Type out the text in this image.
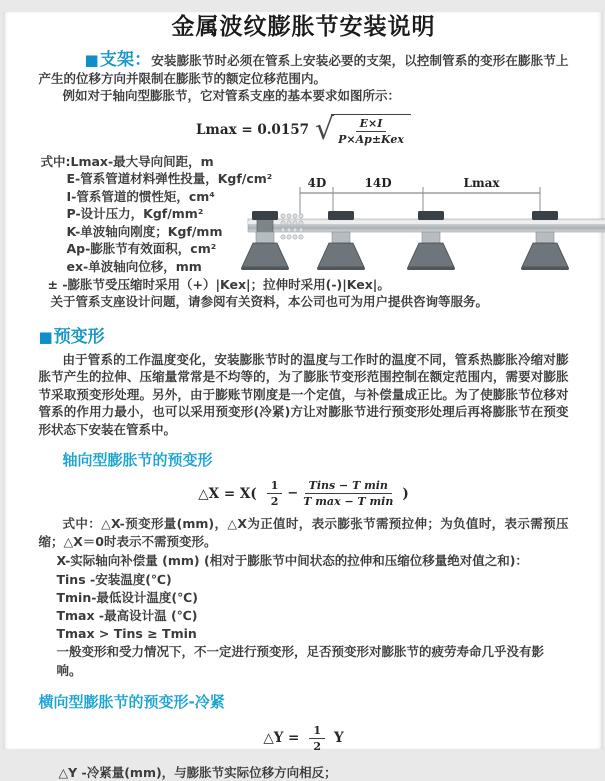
金属波纹膨胀节安装说明

■支架：安装膨胀节时必须在管系上安装必要的支架，以控制管系的变形在膨胀节上产生的位移方向并限制在膨胀节的额定位移范围内。

例如对于轴向型膨胀节，它对管系支座的基本要求如图所示：

Lmax = 0.0157 √
$\frac{E\times I}{\text{P×Ap±Kex}}$
式中:Lmax-最大导向间距，m
E-管系管道材料弹性投量，Kgf/cm²
I-管系管道的惯性矩，cm⁴
P-设计压力，Kgf/mm²
K-单波轴向刚度；Kgf/mm
Ap-膨胀节有效面积，cm²
ex-单波轴向位移，mm
± -膨胀节受压缩时采用（+）|Kex|；拉伸时采用(-)|Kex|。
关于管系支座设计问题，请参阅有关资料，本公司也可为用户提供咨询等服务。
4D	14D	Lmax
■预变形

由于管系的工作温度变化，安装膨胀节时的温度与工作时的温度不同，管系热膨胀冷缩对膨胀节产生的拉伸、压缩量常常是不均等的，为了膨胀节变形范围控制在额定范围内，需要对膨胀节采取预变形处理。另外，由于膨账节刚度是一个定值，与补偿量成正比。为了使膨胀节位移对管系的作用力最小，也可以采用预变形(冷紧)方让对膨胀节进行预变形处理后再将膨胀节在预变形状态下安装在管系中。

轴向型膨胀节的预变形
△X = $X( \frac{1}{2} - \frac{\text{Tins − T min}}{\text{T max − T min}}$ )

式中：△X-预变形量(mm)，△X为正值时，表示膨张节需预拉伸；为负值时，表示需预压缩；△X＝0时表示不需预变形。

X-实际轴向补偿量 (mm) (相对于膨胀节中间状态的拉伸和压缩位移量绝对值之和)：
Tins -安装温度(℃)
Tmin-最低设计温度(℃)
Tmax -最高设计温 (℃)
Tmax > Tins ≥ Tmin
一般变形和受力情况下，不一定进行预变形，足否预变形对膨胀节的疲劳寿命几乎没有影响。
横向型膨胀节的预变形-冷紧
△Y = $\frac{1}{2}$ Y
△Y -冷紧量(mm)，与膨胀节实际位移方向相反；
